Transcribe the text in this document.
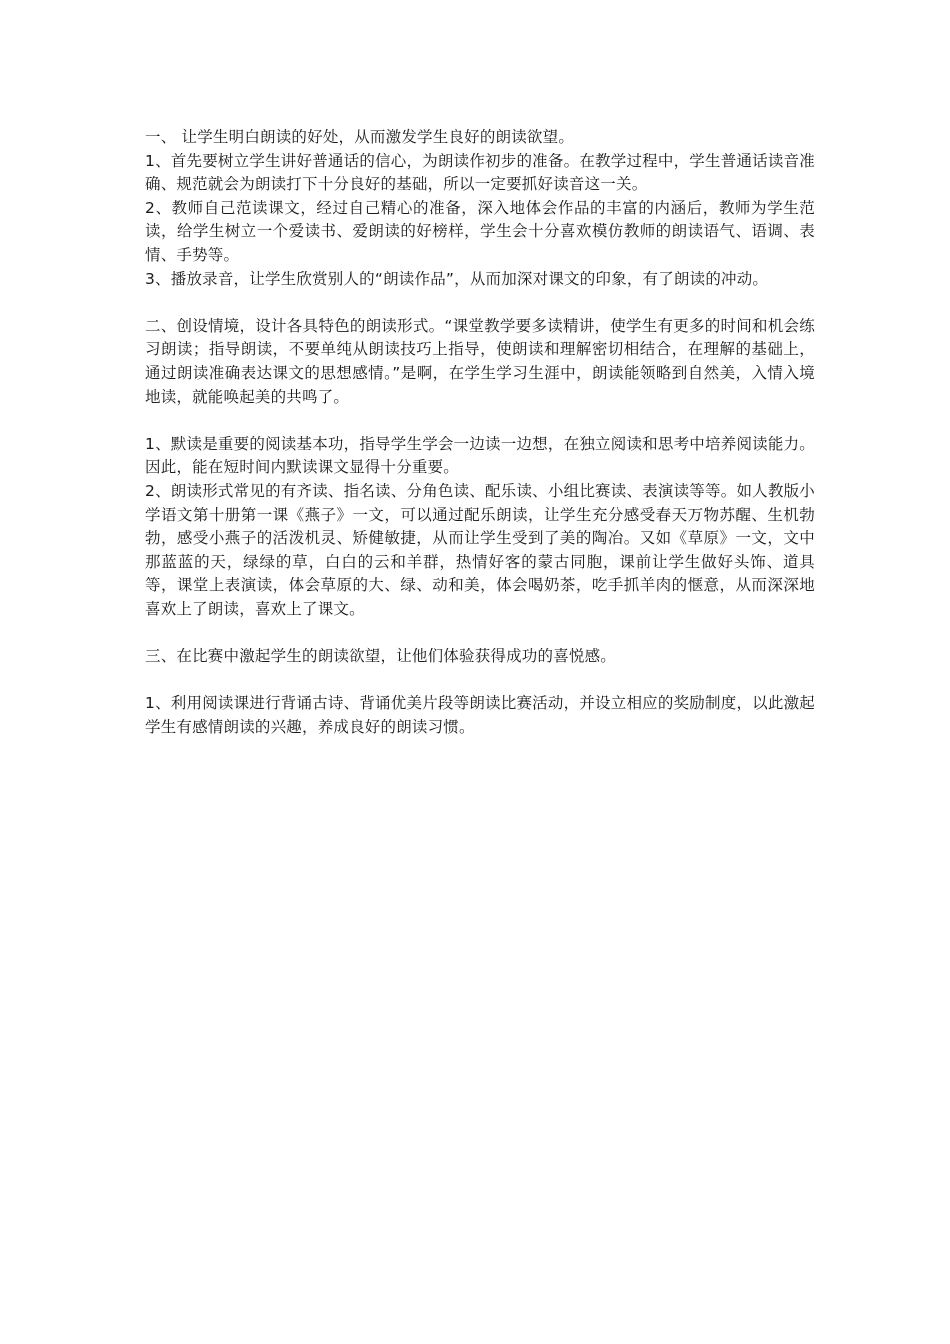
一、 让学生明白朗读的好处，从而激发学生良好的朗读欲望。

1、首先要树立学生讲好普通话的信心，为朗读作初步的准备。在教学过程中，学生普通话读音准确、规范就会为朗读打下十分良好的基础，所以一定要抓好读音这一关。

2、教师自己范读课文，经过自己精心的准备，深入地体会作品的丰富的内涵后，教师为学生范读，给学生树立一个爱读书、爱朗读的好榜样，学生会十分喜欢模仿教师的朗读语气、语调、表情、手势等。

3、播放录音，让学生欣赏别人的“朗读作品”，从而加深对课文的印象，有了朗读的冲动。

二、创设情境，设计各具特色的朗读形式。“课堂教学要多读精讲，使学生有更多的时间和机会练习朗读；指导朗读，不要单纯从朗读技巧上指导，使朗读和理解密切相结合，在理解的基础上，通过朗读准确表达课文的思想感情。”是啊，在学生学习生涯中，朗读能领略到自然美，入情入境地读，就能唤起美的共鸣了。

1、默读是重要的阅读基本功，指导学生学会一边读一边想，在独立阅读和思考中培养阅读能力。因此，能在短时间内默读课文显得十分重要。

2、朗读形式常见的有齐读、指名读、分角色读、配乐读、小组比赛读、表演读等等。如人教版小学语文第十册第一课《燕子》一文，可以通过配乐朗读，让学生充分感受春天万物苏醒、生机勃勃，感受小燕子的活泼机灵、矫健敏捷，从而让学生受到了美的陶冶。又如《草原》一文，文中那蓝蓝的天，绿绿的草，白白的云和羊群，热情好客的蒙古同胞，课前让学生做好头饰、道具等，课堂上表演读，体会草原的大、绿、动和美，体会喝奶茶，吃手抓羊肉的惬意，从而深深地喜欢上了朗读，喜欢上了课文。

三、在比赛中激起学生的朗读欲望，让他们体验获得成功的喜悦感。

1、利用阅读课进行背诵古诗、背诵优美片段等朗读比赛活动，并设立相应的奖励制度，以此激起学生有感情朗读的兴趣，养成良好的朗读习惯。
